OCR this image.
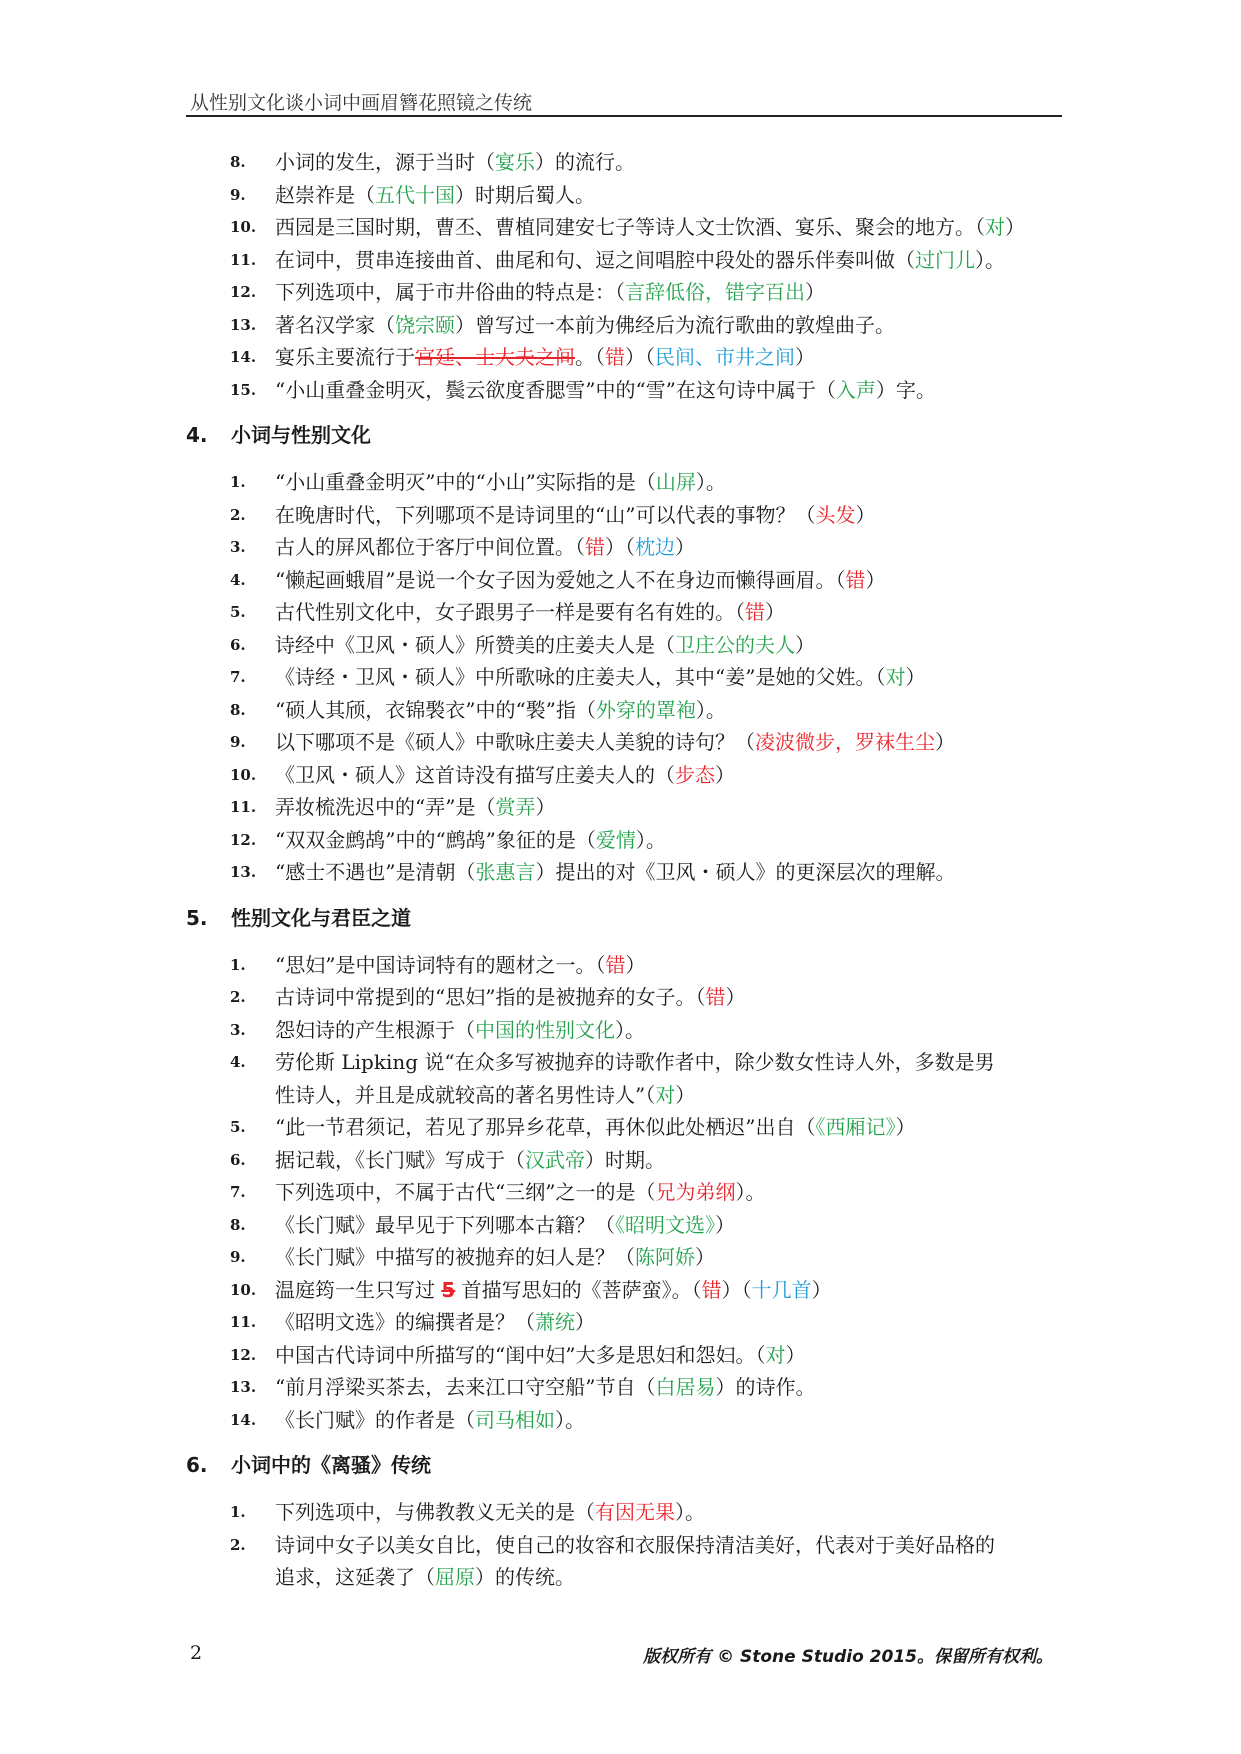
从性别文化谈小词中画眉簪花照镜之传统
8.	小词的发生，源于当时（宴乐）的流行。
9.	赵崇祚是（五代十国）时期后蜀人。
10. 西园是三国时期，曹丕、曹植同建安七子等诗人文士饮酒、宴乐、聚会的地方。（对）
11. 在词中，贯串连接曲首、曲尾和句、逗之间唱腔中段处的器乐伴奏叫做（过门儿）。
12. 下列选项中，属于市井俗曲的特点是：（言辞低俗，错字百出）
13. 著名汉学家（饶宗颐）曾写过一本前为佛经后为流行歌曲的敦煌曲子。
14. 宴乐主要流行于宫廷、士大夫之间。（错）（民间、市井之间）
15. “小山重叠金明灭，鬓云欲度香腮雪”中的“雪”在这句诗中属于（入声）字。
4.	小词与性别文化
1.	“小山重叠金明灭”中的“小山”实际指的是（山屏）。
2.	在晚唐时代，下列哪项不是诗词里的“山”可以代表的事物？（头发）
3.	古人的屏风都位于客厅中间位置。（错）（枕边）
4.	“懒起画蛾眉”是说一个女子因为爱她之人不在身边而懒得画眉。（错）
5.	古代性别文化中，女子跟男子一样是要有名有姓的。（错）
6.	诗经中《卫风・硕人》所赞美的庄姜夫人是（卫庄公的夫人）
7.	《诗经・卫风・硕人》中所歌咏的庄姜夫人，其中“姜”是她的父姓。（对）
8.	“硕人其颀，衣锦褧衣”中的“褧”指（外穿的罩袍）。
9.	以下哪项不是《硕人》中歌咏庄姜夫人美貌的诗句？（凌波微步，罗袜生尘）
10. 《卫风・硕人》这首诗没有描写庄姜夫人的（步态）
11. 弄妆梳洗迟中的“弄”是（赏弄）
12. “双双金鹧鸪”中的“鹧鸪”象征的是（爱情）。
13. “感士不遇也”是清朝（张惠言）提出的对《卫风・硕人》的更深层次的理解。
5.	性别文化与君臣之道
1.	“思妇”是中国诗词特有的题材之一。（错）
2.	古诗词中常提到的“思妇”指的是被抛弃的女子。（错）
3.	怨妇诗的产生根源于（中国的性别文化）。
4.	劳伦斯 Lipking 说“在众多写被抛弃的诗歌作者中，除少数女性诗人外，多数是男
性诗人，并且是成就较高的著名男性诗人”（对）
5.	“此一节君须记，若见了那异乡花草，再休似此处栖迟”出自（《西厢记》）
6.	据记载，《长门赋》写成于（汉武帝）时期。
7.	下列选项中，不属于古代“三纲”之一的是（兄为弟纲）。
8.	《长门赋》最早见于下列哪本古籍？（《昭明文选》）
9.	《长门赋》中描写的被抛弃的妇人是？（陈阿娇）
10. 温庭筠一生只写过 5 首描写思妇的《菩萨蛮》。（错）（十几首）
11. 《昭明文选》的编撰者是？（萧统）
12. 中国古代诗词中所描写的“闺中妇”大多是思妇和怨妇。（对）
13. “前月浮梁买茶去，去来江口守空船”节自（白居易）的诗作。
14. 《长门赋》的作者是（司马相如）。
6.	小词中的《离骚》传统
1.	下列选项中，与佛教教义无关的是（有因无果）。
2.	诗词中女子以美女自比，使自己的妆容和衣服保持清洁美好，代表对于美好品格的
追求，这延袭了（屈原）的传统。
2	版权所有 © Stone Studio 2015。保留所有权利。
